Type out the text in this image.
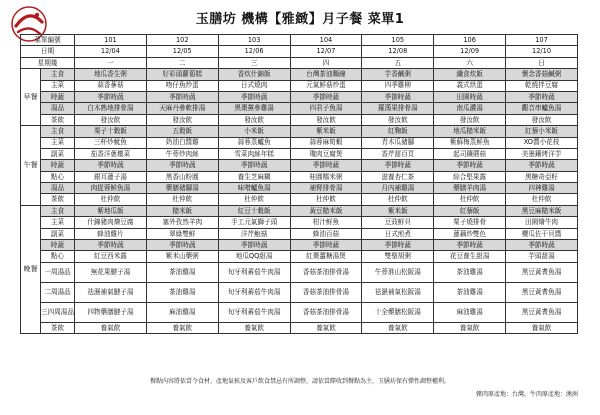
玉膳坊 機構【雅緻】月子餐 菜單1
菜單編號		101	102	103	104	105	106	107
日期		12/04	12/05	12/06	12/07	12/08	12/09	12/10
星期幾		一	二	三	四	五	六	日
早餐	主食	地瓜香生粥	好彩頭蘿蔔糕	香炊什錦飯	台灣茶油麵線	芋香鹹粥	纖食炊飯	懷念香菇鹹粥
	主菜	蒜香蔘菇	吻仔魚炒蛋	日式燒肉	元氣鮮菇炒蛋	四季雞柳	義式烘蛋	乾燒拌豆腐
	時蔬	季節時蔬	季節時蔬	季節時蔬	季節時蔬	季節時蔬	田園時蔬	季節時蔬
	湯品	白木熟地排骨湯	天麻丹參軟排湯	黑棗黨參雞湯	四君子魚湯	羅漢果排骨湯	南瓜濃湯	觀音串鱸魚湯
	茶飲	發汝飲	發汝飲	發汝飲	發汝飲	發汝飲	發汝飲	發汝飲
午餐	主食	栗子十穀飯	五穀飯	小米飯	紫米飯	紅麴飯	地瓜糙米飯	紅藜小米飯
	主菜	三杯炒魷魚	奶油白醬雞	蒜蓉蒸鱸魚	蒜蓉麻筍蝦	青木瓜豬腳	紫蘇梅蒸鮮魚	XO醬小花枝
	副菜	茄香洋蔥燉菜	牛蒡炒肉絲	雪菜肉絲年糕	瓊肉豆腐煲	香芹甜百頁	起司鑲蘑菇	美墨鑲烤洋芋
	時蔬	季節時蔬	季節時蔬	季節時蔬	季節時蔬	季節時蔬	季節時蔬	季節時蔬
	點心	銀耳蓮子湯	黑香山粉圓	養生芝麻糊	桂圓糯米粥	滋養杏仁茶	綜合堅果露	黑糖奇亞籽
	湯品	肉捉蓉鮮魚湯	藥膳豬腳湯	味噌鱸魚湯	補腎排骨湯	月內補雞湯	藥膳羊肉湯	四神雞湯
	茶飲	杜仲飲	杜仲飲	杜仲飲	杜仲飲	杜仲飲	杜仲飲	杜仲飲
晚餐	主食	紫地瓜飯	糙米飯	紅豆十穀飯	黃豆糙米飯	紫米飯	紅藜飯	黑豆麻糙米飯
	主菜	什錦豬肉燴豆腐	塞外孜然羊肉	手工元氣獅子頭	柑汁鮮魚	豆豉鮮貝	栗子燒排骨	田園燴牛肉
	副菜	蜂油雞片	翠綠雙鮮	洋芹鮑菇	蜂油百菇	日式煎煮	蓮藕炒雙色	櫻瓜佐干貝醬
	時蔬	季節時蔬	季節時蔬	季節時蔬	季節時蔬	季節時蔬	季節時蔬	季節時蔬
	點心	紅豆西米露	紫米山藥粥	地瓜QQ甜湯	紅棗薑糖湯煲	雙聖胡粥	花豆養生甜湯	芋頭甜湯
	一周湯品	無花果腱子湯	茶油雞湯	旬牙利蕃茄牛肉湯	香菇茶油排骨湯	牛蒡淮山松阪湯	茶油雞湯	黑豆黃耆魚湯
	二周湯品	祛濕補氣腱子湯	茶油雞湯	旬牙利蕃茄牛肉湯	香菇茶油排骨湯	祛濕補氣松阪湯	茶油雞湯	黑豆黃耆魚湯
	三四周湯品	四物藥膳腱子湯	麻油雞湯	旬牙利蕃茄牛肉湯	香菇茶油排骨湯	十全藥膳松阪湯	麻油雞湯	黑豆黃耆魚湯
	茶飲	養氣飲	養氣飲	養氣飲	養氣飲	養氣飲	養氣飲	養氣飲
餐點內容將依當令食材、產地氣候及客戶飲食禁忌有所調整，請依當際收到餐點為主，玉膳坊保有彈性調整權利。
豬肉原產地：台灣，牛肉原產地：澳洲
